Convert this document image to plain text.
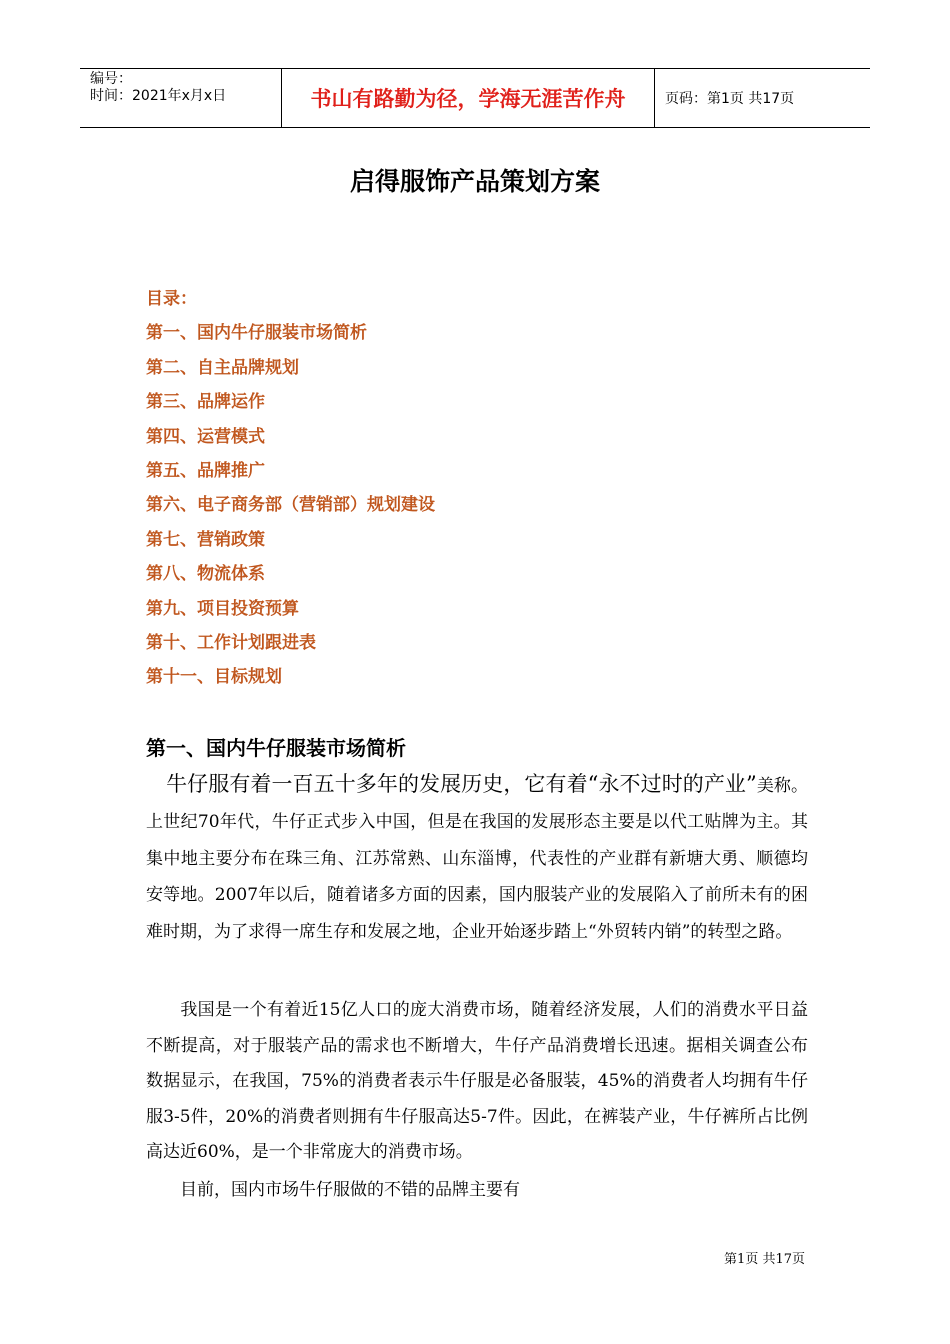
编号：
时间：2021年x月x日	书山有路勤为径，学海无涯苦作舟	页码：第1页 共17页
启得服饰产品策划方案
目录：
第一、国内牛仔服装市场简析
第二、自主品牌规划
第三、品牌运作
第四、运营模式
第五、品牌推广
第六、电子商务部（营销部）规划建设
第七、营销政策
第八、物流体系
第九、项目投资预算
第十、工作计划跟进表
第十一、目标规划
第一、国内牛仔服装市场简析
牛仔服有着一百五十多年的发展历史，它有着“永不过时的产业”美称。上世纪70年代，牛仔正式步入中国，但是在我国的发展形态主要是以代工贴牌为主。其集中地主要分布在珠三角、江苏常熟、山东淄博，代表性的产业群有新塘大勇、顺德均安等地。2007年以后，随着诸多方面的因素，国内服装产业的发展陷入了前所未有的困难时期，为了求得一席生存和发展之地，企业开始逐步踏上“外贸转内销”的转型之路。
我国是一个有着近15亿人口的庞大消费市场，随着经济发展，人们的消费水平日益不断提高，对于服装产品的需求也不断增大，牛仔产品消费增长迅速。据相关调查公布数据显示，在我国，75%的消费者表示牛仔服是必备服装，45%的消费者人均拥有牛仔服3-5件，20%的消费者则拥有牛仔服高达5-7件。因此，在裤装产业，牛仔裤所占比例高达近60%，是一个非常庞大的消费市场。
目前，国内市场牛仔服做的不错的品牌主要有
第1页 共17页
